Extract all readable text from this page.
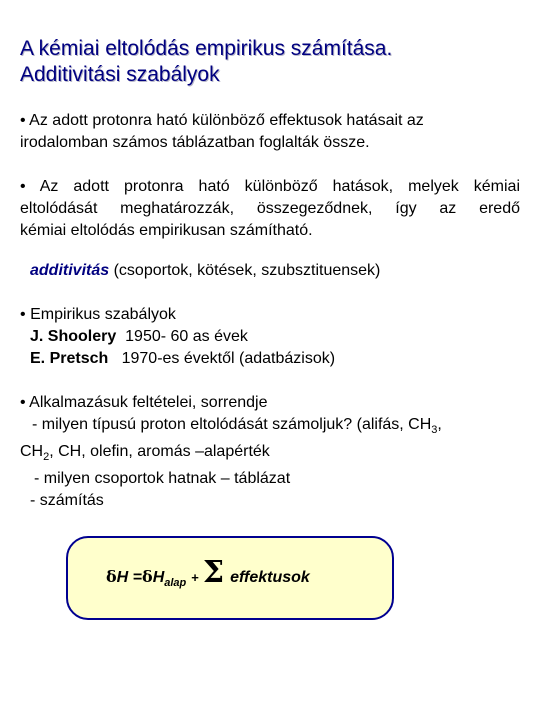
A kémiai eltolódás empirikus számítása.
Additivitási szabályok
• Az adott protonra ható különböző effektusok hatásait az
irodalomban számos táblázatban foglalták össze.
• Az adott protonra ható különböző hatások, melyek kémiai
eltolódását meghatározzák, összegeződnek, így az eredő
kémiai eltolódás empirikusan számítható.
additivitás (csoportok, kötések, szubsztituensek)
• Empirikus szabályok
J. Shoolery 1950- 60 as évek
E. Pretsch 1970-es évektől (adatbázisok)
• Alkalmazásuk feltételei, sorrendje
- milyen típusú proton eltolódását számoljuk? (alifás, $CH_3$,
$CH_2$, CH, olefin, aromás –alapérték
- milyen csoportok hatnak – táblázat
- számítás
δ H = δ H alap + Σ effektusok
